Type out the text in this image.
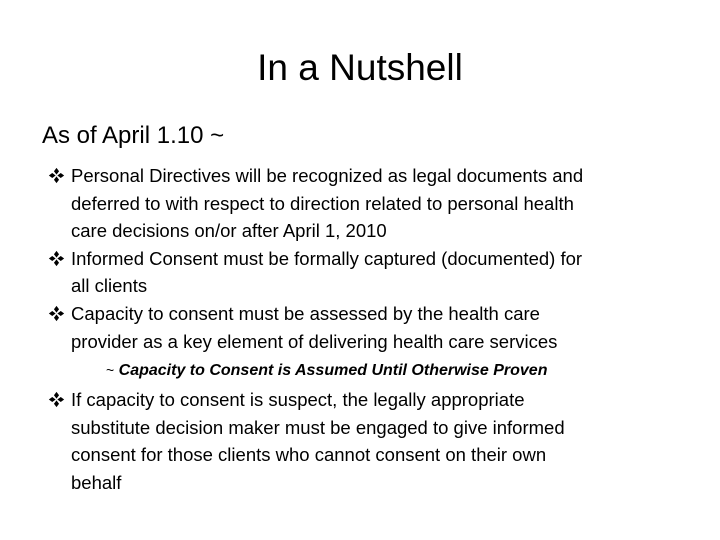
In a Nutshell
As of April 1.10 ~
Personal Directives will be recognized as legal documents and
deferred to with respect to direction related to personal health
care decisions on/or after April 1, 2010
Informed Consent must be formally captured (documented) for
all clients
Capacity to consent must be assessed by the health care
provider as a key element of delivering health care services
~ Capacity to Consent is Assumed Until Otherwise Proven
If capacity to consent is suspect, the legally appropriate
substitute decision maker must be engaged to give informed
consent for those clients who cannot consent on their own
behalf
